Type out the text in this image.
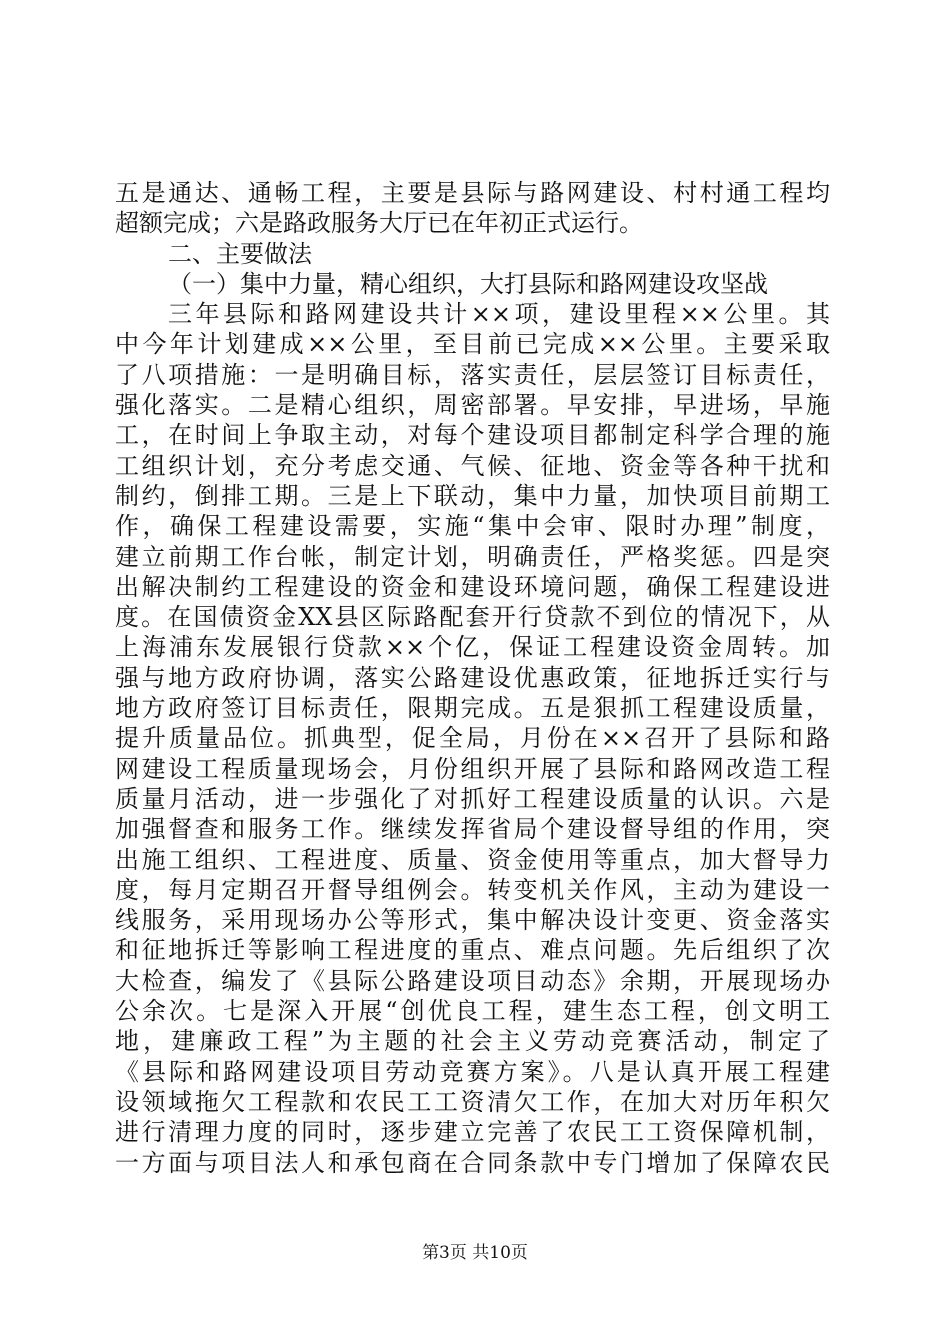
五是通达、通畅工程，主要是县际与路网建设、村村通工程均
超额完成；六是路政服务大厅已在年初正式运行。
二、主要做法
（一）集中力量，精心组织，大打县际和路网建设攻坚战
三年县际和路网建设共计××项，建设里程××公里。其
中今年计划建成××公里，至目前已完成××公里。主要采取
了八项措施：一是明确目标，落实责任，层层签订目标责任，
强化落实。二是精心组织，周密部署。早安排，早进场，早施
工，在时间上争取主动，对每个建设项目都制定科学合理的施
工组织计划，充分考虑交通、气候、征地、资金等各种干扰和
制约，倒排工期。三是上下联动，集中力量，加快项目前期工
作，确保工程建设需要，实施“集中会审、限时办理”制度，
建立前期工作台帐，制定计划，明确责任，严格奖惩。四是突
出解决制约工程建设的资金和建设环境问题，确保工程建设进
度。在国债资金XX县区际路配套开行贷款不到位的情况下，从
上海浦东发展银行贷款××个亿，保证工程建设资金周转。加
强与地方政府协调，落实公路建设优惠政策，征地拆迁实行与
地方政府签订目标责任，限期完成。五是狠抓工程建设质量，
提升质量品位。抓典型，促全局，月份在××召开了县际和路
网建设工程质量现场会，月份组织开展了县际和路网改造工程
质量月活动，进一步强化了对抓好工程建设质量的认识。六是
加强督查和服务工作。继续发挥省局个建设督导组的作用，突
出施工组织、工程进度、质量、资金使用等重点，加大督导力
度，每月定期召开督导组例会。转变机关作风，主动为建设一
线服务，采用现场办公等形式，集中解决设计变更、资金落实
和征地拆迁等影响工程进度的重点、难点问题。先后组织了次
大检查，编发了《县际公路建设项目动态》余期，开展现场办
公余次。七是深入开展“创优良工程，建生态工程，创文明工
地，建廉政工程”为主题的社会主义劳动竞赛活动，制定了
《县际和路网建设项目劳动竞赛方案》。八是认真开展工程建
设领域拖欠工程款和农民工工资清欠工作，在加大对历年积欠
进行清理力度的同时，逐步建立完善了农民工工资保障机制，
一方面与项目法人和承包商在合同条款中专门增加了保障农民
第3页 共10页
